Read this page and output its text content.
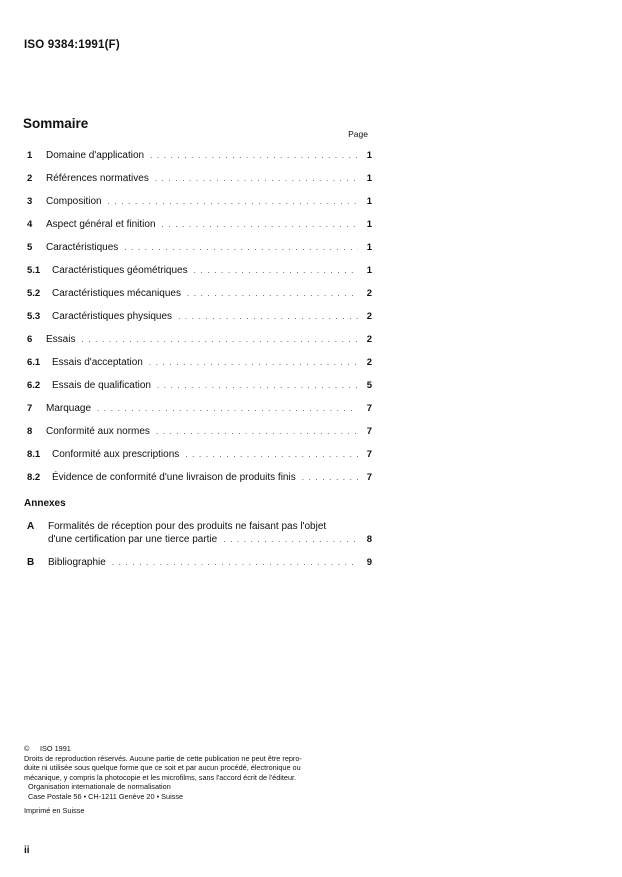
ISO 9384:1991(F)
Sommaire
Page
1	Domaine d'application . . .	1
2	Références normatives . . .	1
3	Composition . . .	1
4	Aspect général et finition . . .	1
5	Caractéristiques . . .	1
5.1	Caractéristiques géométriques . . .	1
5.2	Caractéristiques mécaniques . . .	2
5.3	Caractéristiques physiques . . .	2
6	Essais . . .	2
6.1	Essais d'acceptation . . .	2
6.2	Essais de qualification . . .	5
7	Marquage . . .	7
8	Conformité aux normes . . .	7
8.1	Conformité aux prescriptions . . .	7
8.2	Évidence de conformité d'une livraison de produits finis . . .	7
Annexes
A Formalités de réception pour des produits ne faisant pas l'objet
d'une certification par une tierce partie . . .	8
B Bibliographie . . .	9
© ISO 1991
Droits de reproduction réservés. Aucune partie de cette publication ne peut être repro-
duite ni utilisée sous quelque forme que ce soit et par aucun procédé, électronique ou
mécanique, y compris la photocopie et les microfilms, sans l'accord écrit de l'éditeur.
Organisation internationale de normalisation
Case Postale 56 • CH-1211 Genève 20 • Suisse
Imprimé en Suisse
ii
